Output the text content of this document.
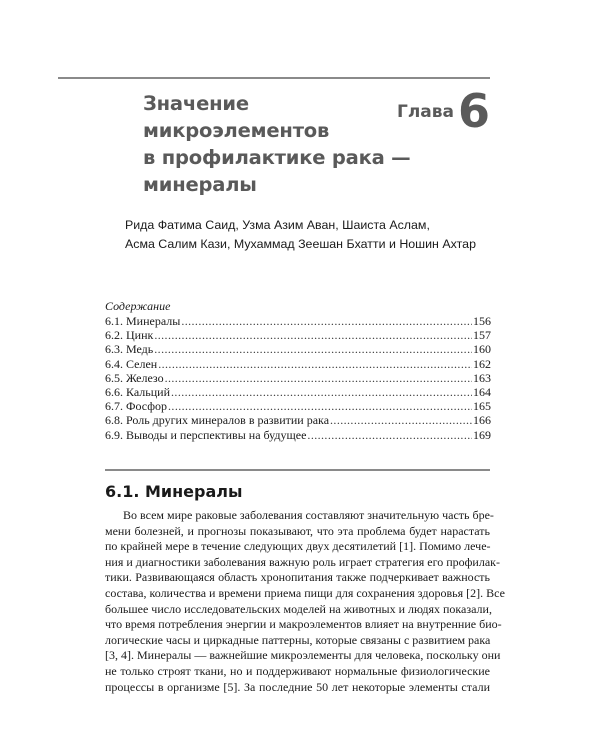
Значение
микроэлементов
в профилактике рака —
минералы
Глава6
Рида Фатима Саид, Узма Азим Аван, Шаиста Аслам,
Асма Салим Кази, Мухаммад Зеешан Бхатти и Ношин Ахтар
Содержание
6.1. Минералы .....	156
6.2. Цинк .....	157
6.3. Медь .....	160
6.4. Селен .....	162
6.5. Железо .....	163
6.6. Кальций .....	164
6.7. Фосфор .....	165
6.8. Роль других минералов в развитии рака .....	166
6.9. Выводы и перспективы на будущее .....	169
6.1. Минералы
Во всем мире раковые заболевания составляют значительную часть бре-
мени болезней, и прогнозы показывают, что эта проблема будет нарастать
по крайней мере в течение следующих двух десятилетий [1]. Помимо лече-
ния и диагностики заболевания важную роль играет стратегия его профилак-
тики. Развивающаяся область хронопитания также подчеркивает важность
состава, количества и времени приема пищи для сохранения здоровья [2]. Все
большее число исследовательских моделей на животных и людях показали,
что время потребления энергии и макроэлементов влияет на внутренние био-
логические часы и циркадные паттерны, которые связаны с развитием рака
[3, 4]. Минералы — важнейшие микроэлементы для человека, поскольку они
не только строят ткани, но и поддерживают нормальные физиологические
процессы в организме [5]. За последние 50 лет некоторые элементы стали
